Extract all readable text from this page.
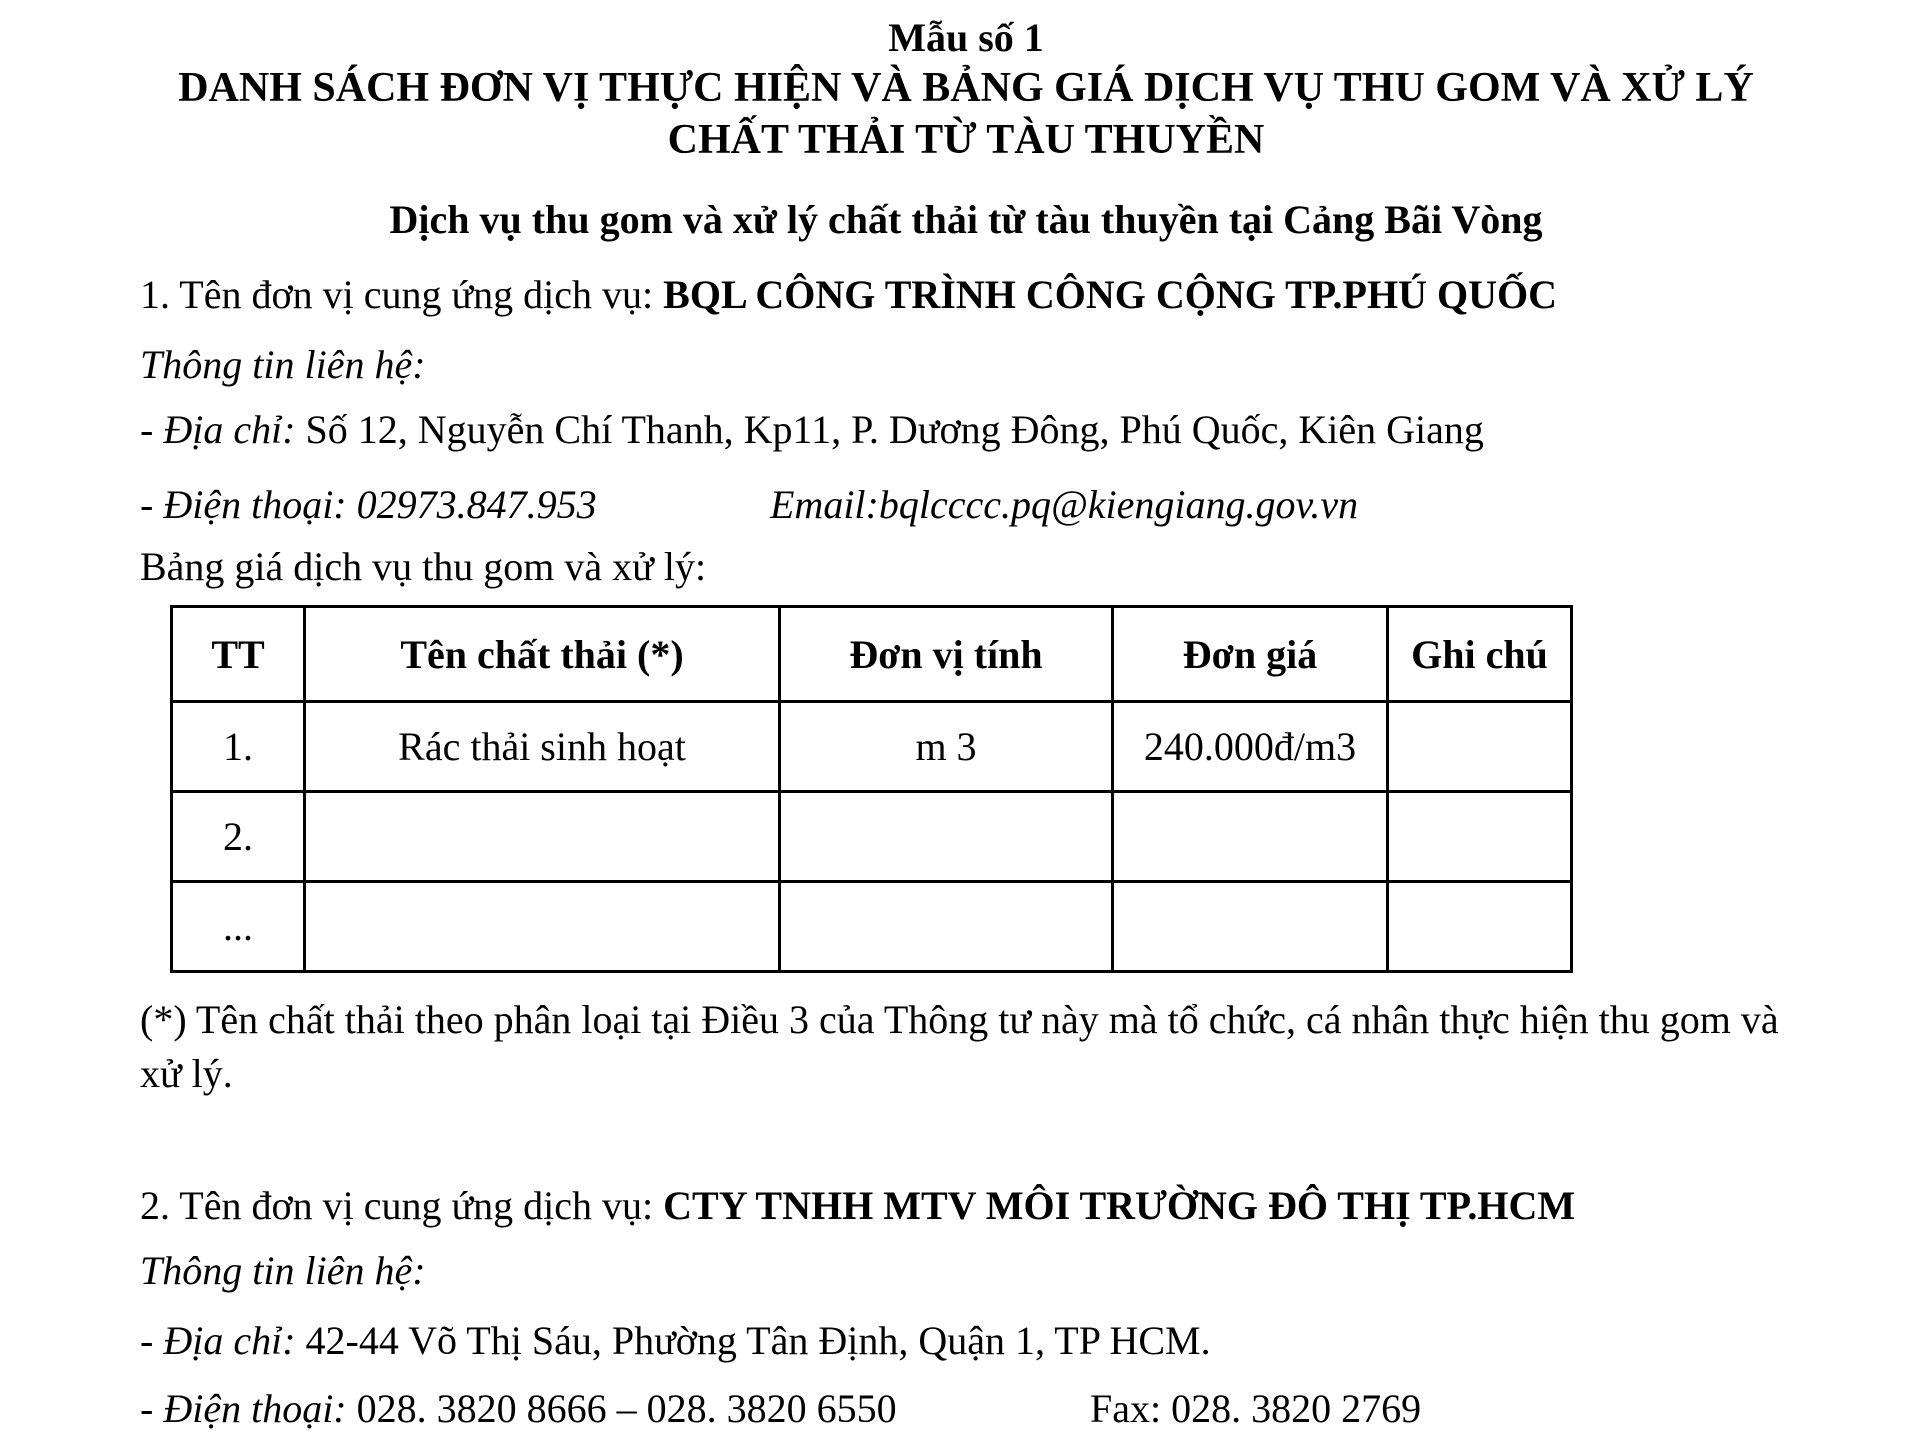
Mẫu số 1
DANH SÁCH ĐƠN VỊ THỰC HIỆN VÀ BẢNG GIÁ DỊCH VỤ THU GOM VÀ XỬ LÝ
CHẤT THẢI TỪ TÀU THUYỀN
Dịch vụ thu gom và xử lý chất thải từ tàu thuyền tại Cảng Bãi Vòng
1. Tên đơn vị cung ứng dịch vụ: BQL CÔNG TRÌNH CÔNG CỘNG TP.PHÚ QUỐC
Thông tin liên hệ:
- Địa chỉ: Số 12, Nguyễn Chí Thanh, Kp11, P. Dương Đông, Phú Quốc, Kiên Giang
- Điện thoại: 02973.847.953	Email:bqlcccc.pq@kiengiang.gov.vn
Bảng giá dịch vụ thu gom và xử lý:
TT	Tên chất thải (*)	Đơn vị tính	Đơn giá	Ghi chú
1.	Rác thải sinh hoạt	m 3	240.000đ/m3	
2.				
...				
(*) Tên chất thải theo phân loại tại Điều 3 của Thông tư này mà tổ chức, cá nhân thực hiện thu gom và xử lý.
2. Tên đơn vị cung ứng dịch vụ: CTY TNHH MTV MÔI TRƯỜNG ĐÔ THỊ TP.HCM
Thông tin liên hệ:
- Địa chỉ: 42-44 Võ Thị Sáu, Phường Tân Định, Quận 1, TP HCM.
- Điện thoại: 028. 3820 8666 – 028. 3820 6550	Fax: 028. 3820 2769
